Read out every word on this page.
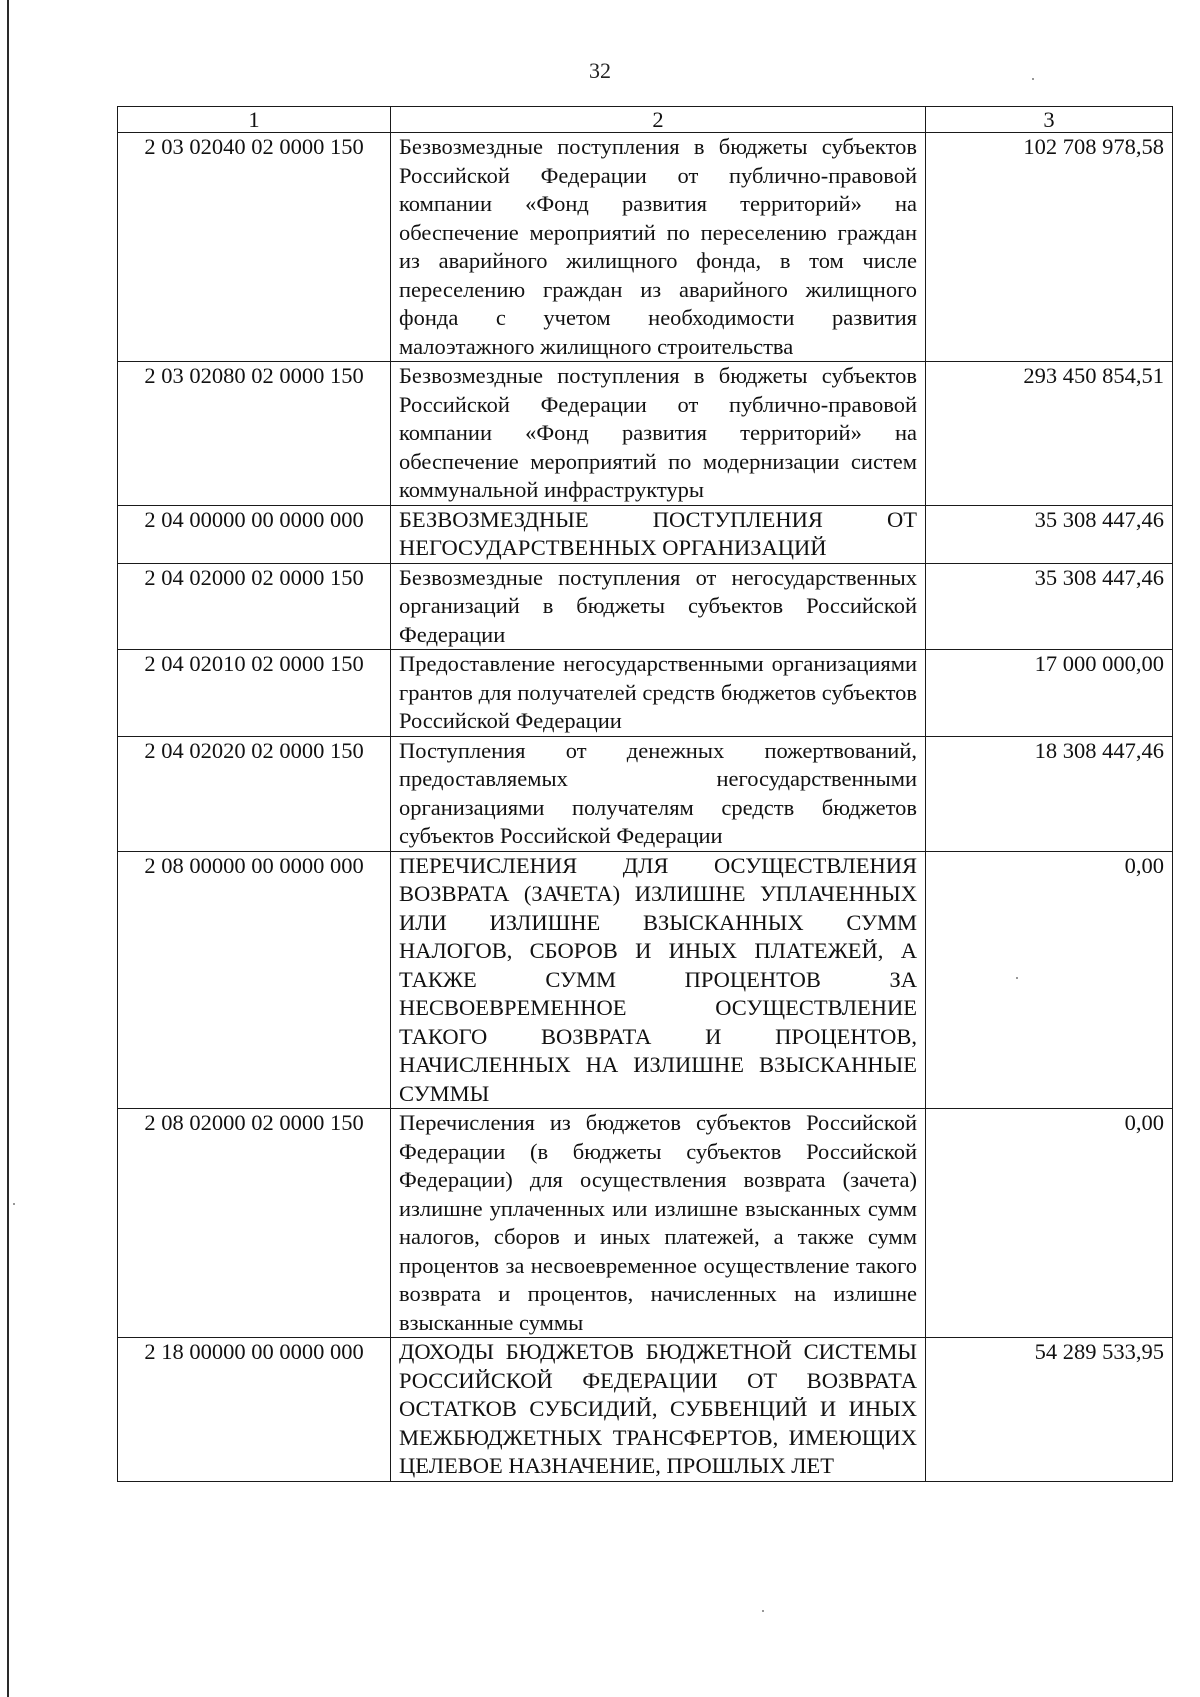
32
1	2	3
2 03 02040 02 0000 150	Безвозмездные поступления в бюджеты субъектов Российской Федерации от публично-правовой компании «Фонд развития территорий» на обеспечение мероприятий по переселению граждан из аварийного жилищного фонда, в том числе переселению граждан из аварийного жилищного фонда с учетом необходимости развития малоэтажного жилищного строительства	102 708 978,58
2 03 02080 02 0000 150	Безвозмездные поступления в бюджеты субъектов Российской Федерации от публично-правовой компании «Фонд развития территорий» на обеспечение мероприятий по модернизации систем коммунальной инфраструктуры	293 450 854,51
2 04 00000 00 0000 000	БЕЗВОЗМЕЗДНЫЕ ПОСТУПЛЕНИЯ ОТ НЕГОСУДАРСТВЕННЫХ ОРГАНИЗАЦИЙ	35 308 447,46
2 04 02000 02 0000 150	Безвозмездные поступления от негосударственных организаций в бюджеты субъектов Российской Федерации	35 308 447,46
2 04 02010 02 0000 150	Предоставление негосударственными организациями грантов для получателей средств бюджетов субъектов Российской Федерации	17 000 000,00
2 04 02020 02 0000 150	Поступления от денежных пожертвований, предоставляемых негосударственными организациями получателям средств бюджетов субъектов Российской Федерации	18 308 447,46
2 08 00000 00 0000 000	ПЕРЕЧИСЛЕНИЯ ДЛЯ ОСУЩЕСТВЛЕНИЯ ВОЗВРАТА (ЗАЧЕТА) ИЗЛИШНЕ УПЛАЧЕННЫХ ИЛИ ИЗЛИШНЕ ВЗЫСКАННЫХ СУММ НАЛОГОВ, СБОРОВ И ИНЫХ ПЛАТЕЖЕЙ, А ТАКЖЕ СУММ ПРОЦЕНТОВ ЗА НЕСВОЕВРЕМЕННОЕ ОСУЩЕСТВЛЕНИЕ ТАКОГО ВОЗВРАТА И ПРОЦЕНТОВ, НАЧИСЛЕННЫХ НА ИЗЛИШНЕ ВЗЫСКАННЫЕ СУММЫ	0,00
2 08 02000 02 0000 150	Перечисления из бюджетов субъектов Российской Федерации (в бюджеты субъектов Российской Федерации) для осуществления возврата (зачета) излишне уплаченных или излишне взысканных сумм налогов, сборов и иных платежей, а также сумм процентов за несвоевременное осуществление такого возврата и процентов, начисленных на излишне взысканные суммы	0,00
2 18 00000 00 0000 000	ДОХОДЫ БЮДЖЕТОВ БЮДЖЕТНОЙ СИСТЕМЫ РОССИЙСКОЙ ФЕДЕРАЦИИ ОТ ВОЗВРАТА ОСТАТКОВ СУБСИДИЙ, СУБВЕНЦИЙ И ИНЫХ МЕЖБЮДЖЕТНЫХ ТРАНСФЕРТОВ, ИМЕЮЩИХ ЦЕЛЕВОЕ НАЗНАЧЕНИЕ, ПРОШЛЫХ ЛЕТ	54 289 533,95
